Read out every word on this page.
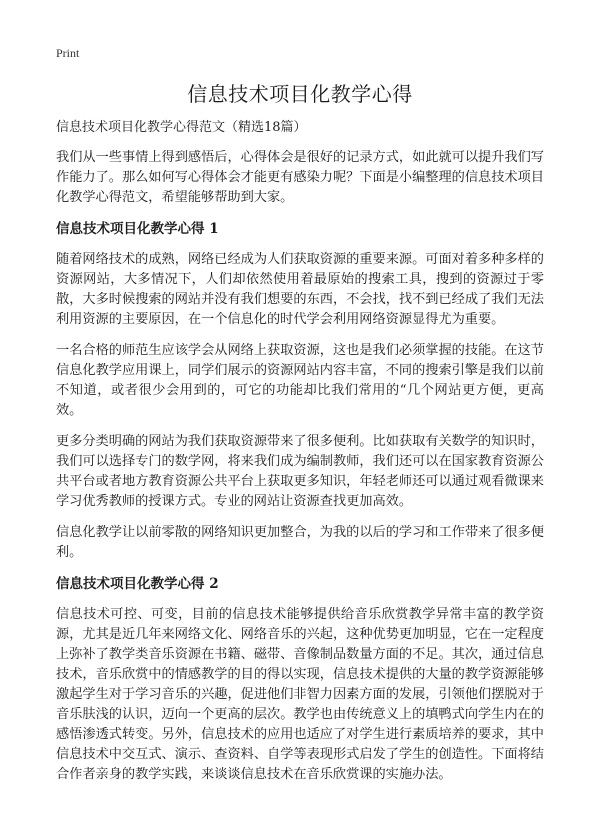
Print
信息技术项目化教学心得
信息技术项目化教学心得范文（精选18篇）

我们从一些事情上得到感悟后，心得体会是很好的记录方式，如此就可以提升我们写作能力了。那么如何写心得体会才能更有感染力呢？下面是小编整理的信息技术项目化教学心得范文，希望能够帮助到大家。

信息技术项目化教学心得 1

随着网络技术的成熟，网络已经成为人们获取资源的重要来源。可面对着多种多样的资源网站，大多情况下，人们却依然使用着最原始的搜索工具，搜到的资源过于零散，大多时候搜索的网站并没有我们想要的东西，不会找，找不到已经成了我们无法利用资源的主要原因，在一个信息化的时代学会利用网络资源显得尤为重要。

一名合格的师范生应该学会从网络上获取资源，这也是我们必须掌握的技能。在这节信息化教学应用课上，同学们展示的资源网站内容丰富，不同的搜索引擎是我们以前不知道，或者很少会用到的，可它的功能却比我们常用的“几个网站更方便，更高效。

更多分类明确的网站为我们获取资源带来了很多便利。比如获取有关数学的知识时，我们可以选择专门的数学网，将来我们成为编制教师，我们还可以在国家教育资源公共平台或者地方教育资源公共平台上获取更多知识，年轻老师还可以通过观看微课来学习优秀教师的授课方式。专业的网站让资源查找更加高效。

信息化教学让以前零散的网络知识更加整合，为我的以后的学习和工作带来了很多便利。

信息技术项目化教学心得 2

信息技术可控、可变，目前的信息技术能够提供给音乐欣赏教学异常丰富的教学资源，尤其是近几年来网络文化、网络音乐的兴起，这种优势更加明显，它在一定程度上弥补了教学类音乐资源在书籍、磁带、音像制品数量方面的不足。其次，通过信息技术，音乐欣赏中的情感教学的目的得以实现，信息技术提供的大量的教学资源能够激起学生对于学习音乐的兴趣，促进他们非智力因素方面的发展，引领他们摆脱对于音乐肤浅的认识，迈向一个更高的层次。教学也由传统意义上的填鸭式向学生内在的感悟渗透式转变。另外，信息技术的应用也适应了对学生进行素质培养的要求，其中信息技术中交互式、演示、查资料、自学等表现形式启发了学生的创造性。下面将结合作者亲身的教学实践，来谈谈信息技术在音乐欣赏课的实施办法。
